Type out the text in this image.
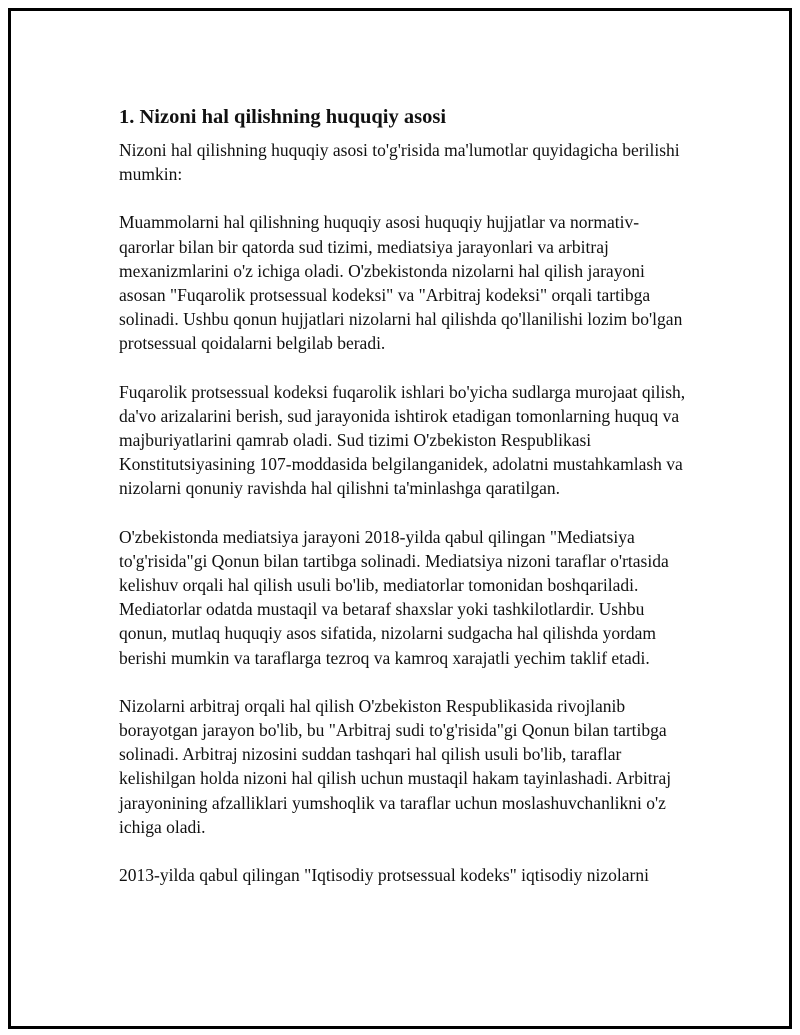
1. Nizoni hal qilishning huquqiy asosi

Nizoni hal qilishning huquqiy asosi to'g'risida ma'lumotlar quyidagicha berilishi mumkin:

Muammolarni hal qilishning huquqiy asosi huquqiy hujjatlar va normativ-qarorlar bilan bir qatorda sud tizimi, mediatsiya jarayonlari va arbitraj mexanizmlarini o'z ichiga oladi. O'zbekistonda nizolarni hal qilish jarayoni asosan "Fuqarolik protsessual kodeksi" va "Arbitraj kodeksi" orqali tartibga solinadi. Ushbu qonun hujjatlari nizolarni hal qilishda qo'llanilishi lozim bo'lgan protsessual qoidalarni belgilab beradi.

Fuqarolik protsessual kodeksi fuqarolik ishlari bo'yicha sudlarga murojaat qilish, da'vo arizalarini berish, sud jarayonida ishtirok etadigan tomonlarning huquq va majburiyatlarini qamrab oladi. Sud tizimi O'zbekiston Respublikasi Konstitutsiyasining 107-moddasida belgilanganidek, adolatni mustahkamlash va nizolarni qonuniy ravishda hal qilishni ta'minlashga qaratilgan.

O'zbekistonda mediatsiya jarayoni 2018-yilda qabul qilingan "Mediatsiya to'g'risida"gi Qonun bilan tartibga solinadi. Mediatsiya nizoni taraflar o'rtasida kelishuv orqali hal qilish usuli bo'lib, mediatorlar tomonidan boshqariladi. Mediatorlar odatda mustaqil va betaraf shaxslar yoki tashkilotlardir. Ushbu qonun, mutlaq huquqiy asos sifatida, nizolarni sudgacha hal qilishda yordam berishi mumkin va taraflarga tezroq va kamroq xarajatli yechim taklif etadi.

Nizolarni arbitraj orqali hal qilish O'zbekiston Respublikasida rivojlanib borayotgan jarayon bo'lib, bu "Arbitraj sudi to'g'risida"gi Qonun bilan tartibga solinadi. Arbitraj nizosini suddan tashqari hal qilish usuli bo'lib, taraflar kelishilgan holda nizoni hal qilish uchun mustaqil hakam tayinlashadi. Arbitraj jarayonining afzalliklari yumshoqlik va taraflar uchun moslashuvchanlikni o'z ichiga oladi.

2013-yilda qabul qilingan "Iqtisodiy protsessual kodeks" iqtisodiy nizolarni
